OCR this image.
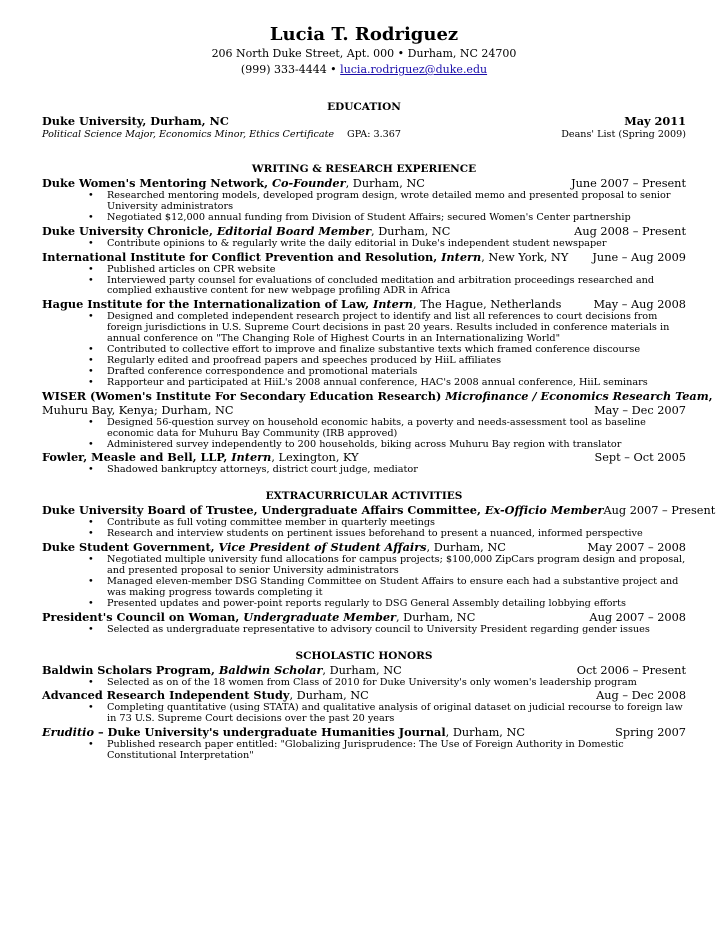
Lucia T. Rodriguez
206 North Duke Street, Apt. 000 • Durham, NC 24700
(999) 333-4444 • lucia.rodriguez@duke.edu
EDUCATION
Duke University, Durham, NC	May 2011
Political Science Major, Economics Minor, Ethics Certificate	GPA: 3.367	Deans' List (Spring 2009)
WRITING & RESEARCH EXPERIENCE
Duke Women's Mentoring Network, Co-Founder, Durham, NC	June 2007 – Present
• Researched mentoring models, developed program design, wrote detailed memo and presented proposal to senior University administrators
• Negotiated $12,000 annual funding from Division of Student Affairs; secured Women's Center partnership
Duke University Chronicle, Editorial Board Member, Durham, NC	Aug 2008 – Present
• Contribute opinions to & regularly write the daily editorial in Duke's independent student newspaper
International Institute for Conflict Prevention and Resolution, Intern, New York, NY	June – Aug 2009
• Published articles on CPR website
• Interviewed party counsel for evaluations of concluded meditation and arbitration proceedings researched and complied exhaustive content for new webpage profiling ADR in Africa
Hague Institute for the Internationalization of Law, Intern, The Hague, Netherlands	May – Aug 2008
• Designed and completed independent research project to identify and list all references to court decisions from foreign jurisdictions in U.S. Supreme Court decisions in past 20 years. Results included in conference materials in annual conference on "The Changing Role of Highest Courts in an Internationalizing World"
• Contributed to collective effort to improve and finalize substantive texts which framed conference discourse
• Regularly edited and proofread papers and speeches produced by HiiL affiliates
• Drafted conference correspondence and promotional materials
• Rapporteur and participated at HiiL's 2008 annual conference, HAC's 2008 annual conference, HiiL seminars
WISER (Women's Institute For Secondary Education Research) Microfinance / Economics Research Team,
Muhuru Bay, Kenya; Durham, NC	May – Dec 2007
• Designed 56-question survey on household economic habits, a poverty and needs-assessment tool as baseline economic data for Muhuru Bay Community (IRB approved)
• Administered survey independently to 200 households, biking across Muhuru Bay region with translator
Fowler, Measle and Bell, LLP, Intern, Lexington, KY	Sept – Oct 2005
• Shadowed bankruptcy attorneys, district court judge, mediator
EXTRACURRICULAR ACTIVITIES
Duke University Board of Trustee, Undergraduate Affairs Committee, Ex-Officio Member Aug 2007 – Present
• Contribute as full voting committee member in quarterly meetings
• Research and interview students on pertinent issues beforehand to present a nuanced, informed perspective
Duke Student Government, Vice President of Student Affairs, Durham, NC	May 2007 – 2008
• Negotiated multiple university fund allocations for campus projects; $100,000 ZipCars program design and proposal, and presented proposal to senior University administrators
• Managed eleven-member DSG Standing Committee on Student Affairs to ensure each had a substantive project and was making progress towards completing it
• Presented updates and power-point reports regularly to DSG General Assembly detailing lobbying efforts
President's Council on Woman, Undergraduate Member, Durham, NC	Aug 2007 – 2008
• Selected as undergraduate representative to advisory council to University President regarding gender issues
SCHOLASTIC HONORS
Baldwin Scholars Program, Baldwin Scholar, Durham, NC	Oct 2006 – Present
• Selected as on of the 18 women from Class of 2010 for Duke University's only women's leadership program
Advanced Research Independent Study, Durham, NC	Aug – Dec 2008
• Completing quantitative (using STATA) and qualitative analysis of original dataset on judicial recourse to foreign law in 73 U.S. Supreme Court decisions over the past 20 years
Eruditio – Duke University's undergraduate Humanities Journal, Durham, NC	Spring 2007
• Published research paper entitled: "Globalizing Jurisprudence: The Use of Foreign Authority in Domestic Constitutional Interpretation"
